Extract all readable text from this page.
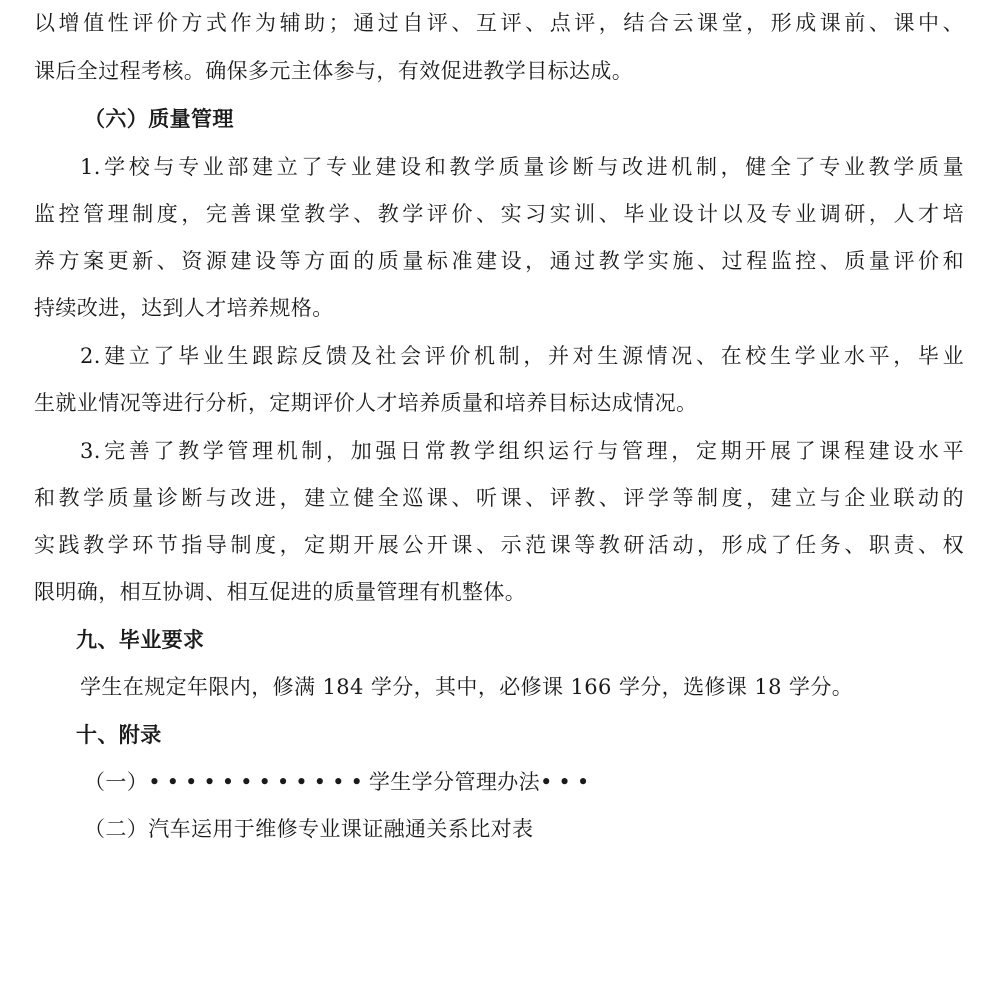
以增值性评价方式作为辅助；通过自评、互评、点评，结合云课堂，形成课前、课中、
课后全过程考核。确保多元主体参与，有效促进教学目标达成。
（六）质量管理
1.学校与专业部建立了专业建设和教学质量诊断与改进机制，健全了专业教学质量
监控管理制度，完善课堂教学、教学评价、实习实训、毕业设计以及专业调研，人才培
养方案更新、资源建设等方面的质量标准建设，通过教学实施、过程监控、质量评价和
持续改进，达到人才培养规格。
2.建立了毕业生跟踪反馈及社会评价机制，并对生源情况、在校生学业水平，毕业
生就业情况等进行分析，定期评价人才培养质量和培养目标达成情况。
3.完善了教学管理机制，加强日常教学组织运行与管理，定期开展了课程建设水平
和教学质量诊断与改进，建立健全巡课、听课、评教、评学等制度，建立与企业联动的
实践教学环节指导制度，定期开展公开课、示范课等教研活动，形成了任务、职责、权
限明确，相互协调、相互促进的质量管理有机整体。
九、毕业要求
学生在规定年限内，修满 184 学分，其中，必修课 166 学分，选修课 18 学分。
十、附录
（一）••••••••••••学生学分管理办法•••
（二）汽车运用于维修专业课证融通关系比对表
